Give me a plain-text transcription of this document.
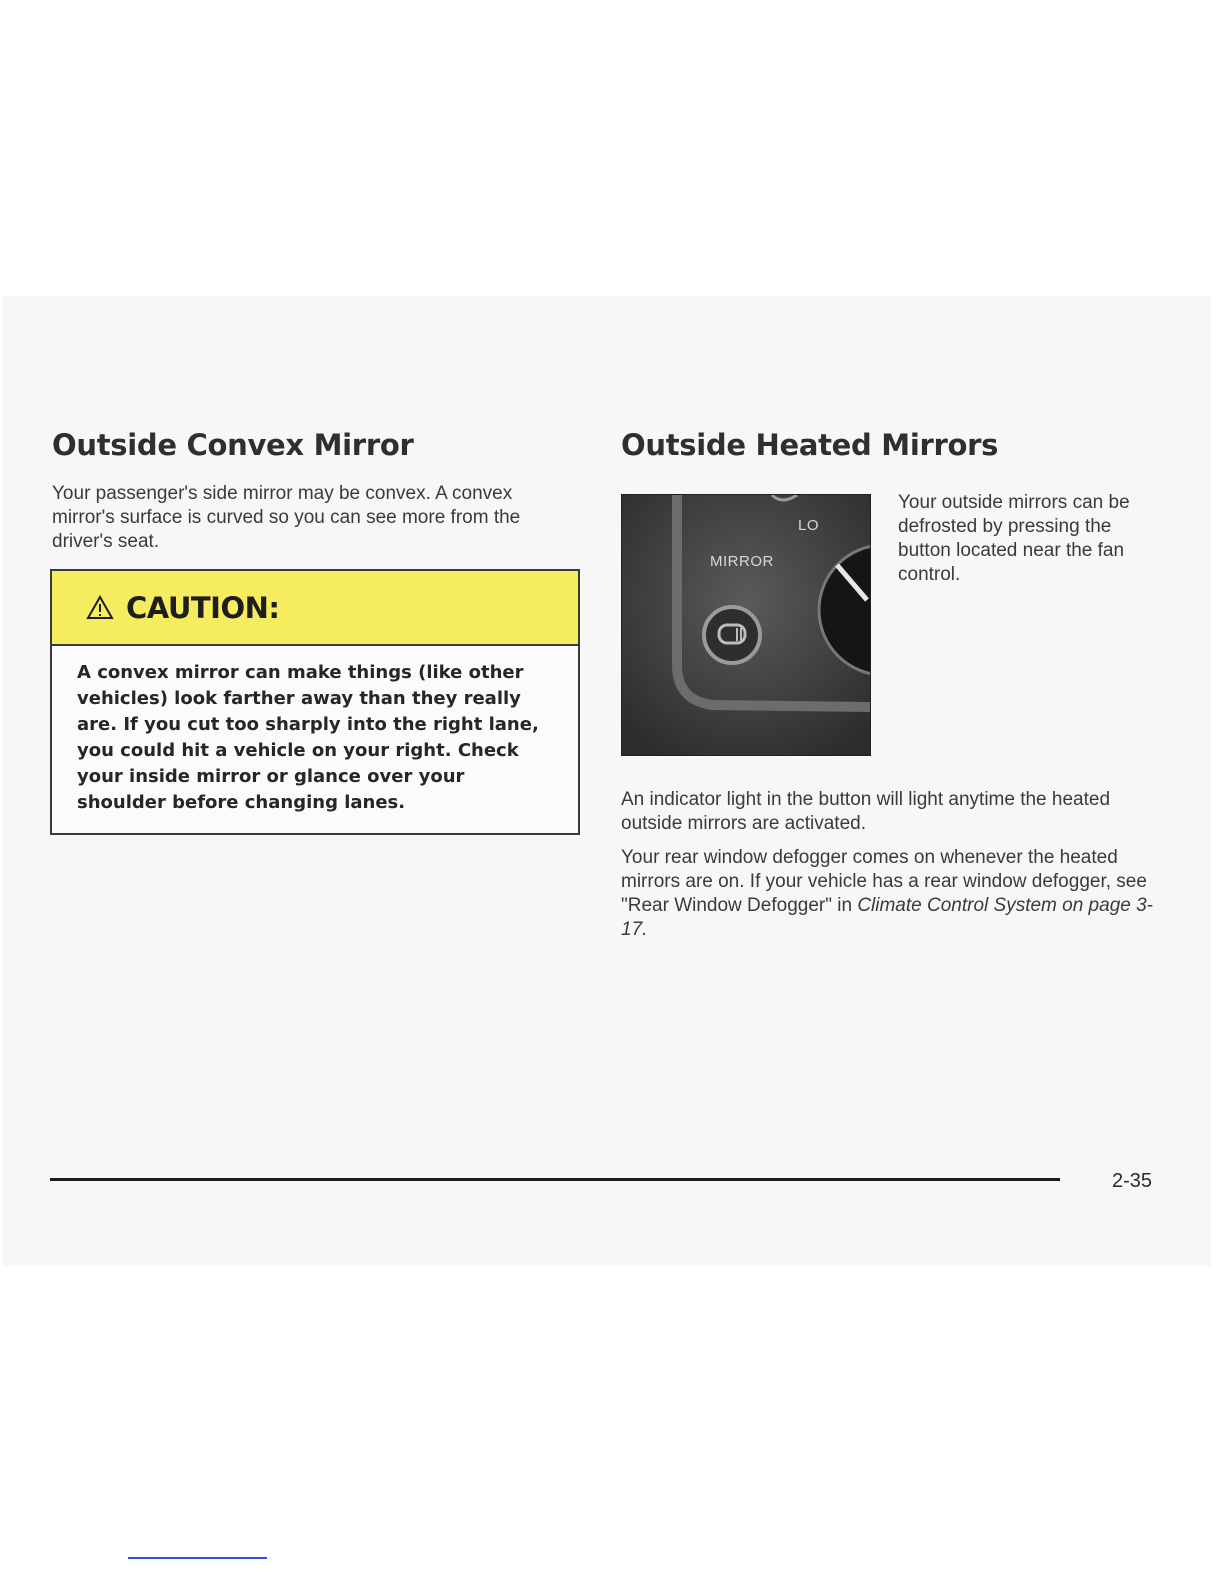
Outside Convex Mirror

Your passenger's side mirror may be convex. A convex mirror's surface is curved so you can see more from the driver's seat.

CAUTION:

A convex mirror can make things (like other vehicles) look farther away than they really are. If you cut too sharply into the right lane, you could hit a vehicle on your right. Check your inside mirror or glance over your shoulder before changing lanes.

Outside Heated Mirrors
LO
MIRROR

Your outside mirrors can be defrosted by pressing the button located near the fan control.

An indicator light in the button will light anytime the heated outside mirrors are activated.

Your rear window defogger comes on whenever the heated mirrors are on. If your vehicle has a rear window defogger, see "Rear Window Defogger" in Climate Control System on page 3-17.

2-35
